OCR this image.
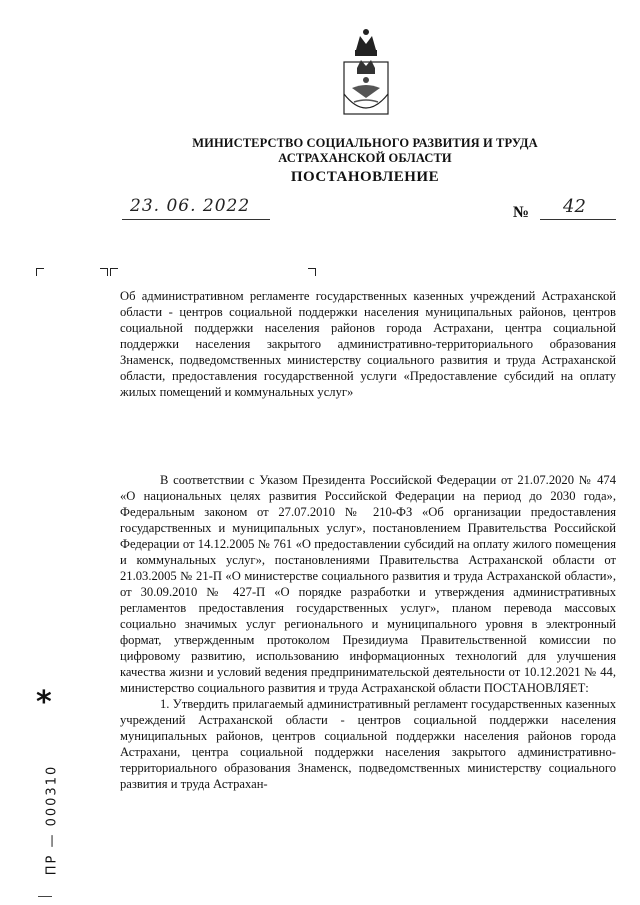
МИНИСТЕРСТВО СОЦИАЛЬНОГО РАЗВИТИЯ И ТРУДА
АСТРАХАНСКОЙ ОБЛАСТИ
ПОСТАНОВЛЕНИЕ
23. 06. 2022	№ 42

Об административном регламенте государственных казенных учреждений Астраханской области - центров социальной поддержки населения муниципальных районов, центров социальной поддержки населения районов города Астрахани, центра социальной поддержки населения закрытого административно-территориального образования Знаменск, подведомственных министерству социального развития и труда Астраханской области, предоставления государственной услуги «Предоставление субсидий на оплату жилых помещений и коммунальных услуг»

В соответствии с Указом Президента Российской Федерации от 21.07.2020 № 474 «О национальных целях развития Российской Федерации на период до 2030 года», Федеральным законом от 27.07.2010 № 210-ФЗ «Об организации предоставления государственных и муниципальных услуг», постановлением Правительства Российской Федерации от 14.12.2005 № 761 «О предоставлении субсидий на оплату жилого помещения и коммунальных услуг», постановлениями Правительства Астраханской области от 21.03.2005 № 21-П «О министерстве социального развития и труда Астраханской области», от 30.09.2010 № 427-П «О порядке разработки и утверждения административных регламентов предоставления государственных услуг», планом перевода массовых социально значимых услуг регионального и муниципального уровня в электронный формат, утвержденным протоколом Президиума Правительственной комиссии по цифровому развитию, использованию информационных технологий для улучшения качества жизни и условий ведения предпринимательской деятельности от 10.12.2021 № 44, министерство социального развития и труда Астраханской области ПОСТАНОВЛЯЕТ:

1. Утвердить прилагаемый административный регламент государственных казенных учреждений Астраханской области - центров социальной поддержки населения муниципальных районов, центров социальной поддержки населения районов города Астрахани, центра социальной поддержки населения закрытого административно-территориального образования Знаменск, подведомственных министерству социального развития и труда Астрахан-

*
ПР — 000310
